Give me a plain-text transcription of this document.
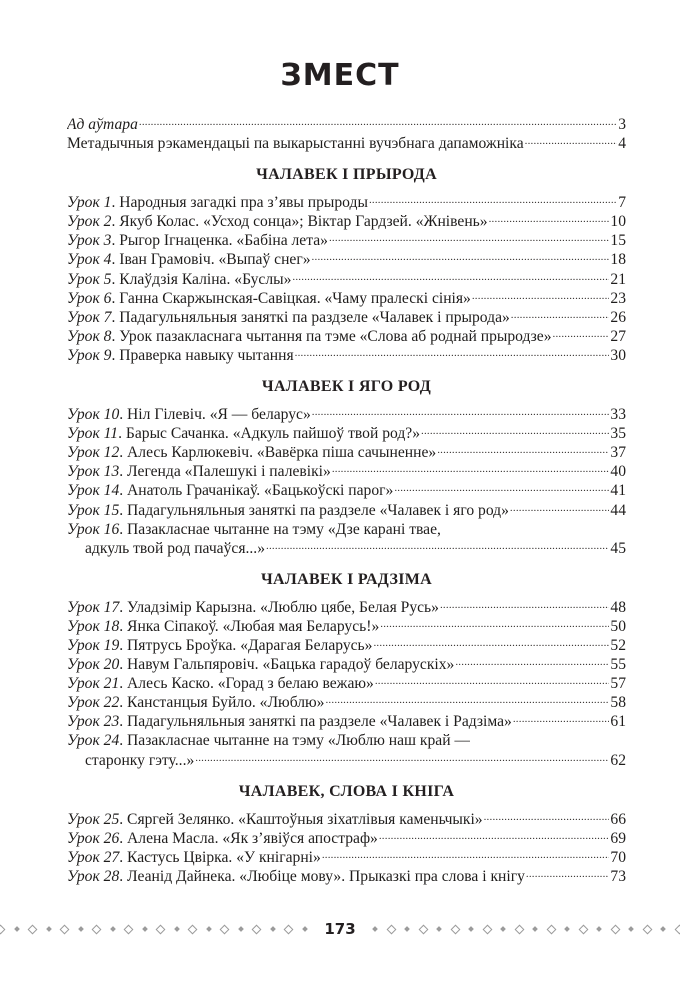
ЗМЕСТ
Ад аўтара .....	3
Метадычныя рэкамендацыі па выкарыстанні вучэбнага дапаможніка .....	4
ЧАЛАВЕК І ПРЫРОДА
Урок 1. Народныя загадкі пра з’явы прыроды .....	7
Урок 2. Якуб Колас. «Усход сонца»; Віктар Гардзей. «Жнівень» .....	10
Урок 3. Рыгор Ігнаценка. «Бабіна лета» .....	15
Урок 4. Іван Грамовіч. «Выпаў снег» .....	18
Урок 5. Клаўдзія Каліна. «Буслы» .....	21
Урок 6. Ганна Скаржынская-Савіцкая. «Чаму пралескі сінія» .....	23
Урок 7. Падагульняльныя заняткі па раздзеле «Чалавек і прырода» .....	26
Урок 8. Урок пазакласнага чытання па тэме «Слова аб роднай прыродзе» .....	27
Урок 9. Праверка навыку чытання .....	30
ЧАЛАВЕК І ЯГО РОД
Урок 10. Ніл Гілевіч. «Я — беларус» .....	33
Урок 11. Барыс Сачанка. «Адкуль пайшоў твой род?» .....	35
Урок 12. Алесь Карлюкевіч. «Вавёрка піша сачыненне» .....	37
Урок 13. Легенда «Палешукі і палевікі» .....	40
Урок 14. Анатоль Грачанікаў. «Бацькоўскі парог» .....	41
Урок 15. Падагульняльныя заняткі па раздзеле «Чалавек і яго род» .....	44
Урок 16. Пазакласнае чытанне на тэму «Дзе карані твае,
адкуль твой род пачаўся...» .....	45
ЧАЛАВЕК І РАДЗІМА
Урок 17. Уладзімір Карызна. «Люблю цябе, Белая Русь» .....	48
Урок 18. Янка Сіпакоў. «Любая мая Беларусь!» .....	50
Урок 19. Пятрусь Броўка. «Дарагая Беларусь» .....	52
Урок 20. Навум Гальпяровіч. «Бацька гарадоў беларускіх» .....	55
Урок 21. Алесь Каско. «Горад з белаю вежаю» .....	57
Урок 22. Канстанцыя Буйло. «Люблю» .....	58
Урок 23. Падагульняльныя заняткі па раздзеле «Чалавек і Радзіма» .....	61
Урок 24. Пазакласнае чытанне на тэму «Люблю наш край —
старонку гэту...» .....	62
ЧАЛАВЕК, СЛОВА І КНІГА
Урок 25. Сяргей Зелянко. «Каштоўныя зіхатлівыя каменьчыкі» .....	66
Урок 26. Алена Масла. «Як з’явіўся апостраф» .....	69
Урок 27. Кастусь Цвірка. «У кнігарні» .....	70
Урок 28. Леанід Дайнека. «Любіце мову». Прыказкі пра слова і кнігу .....	73
173
